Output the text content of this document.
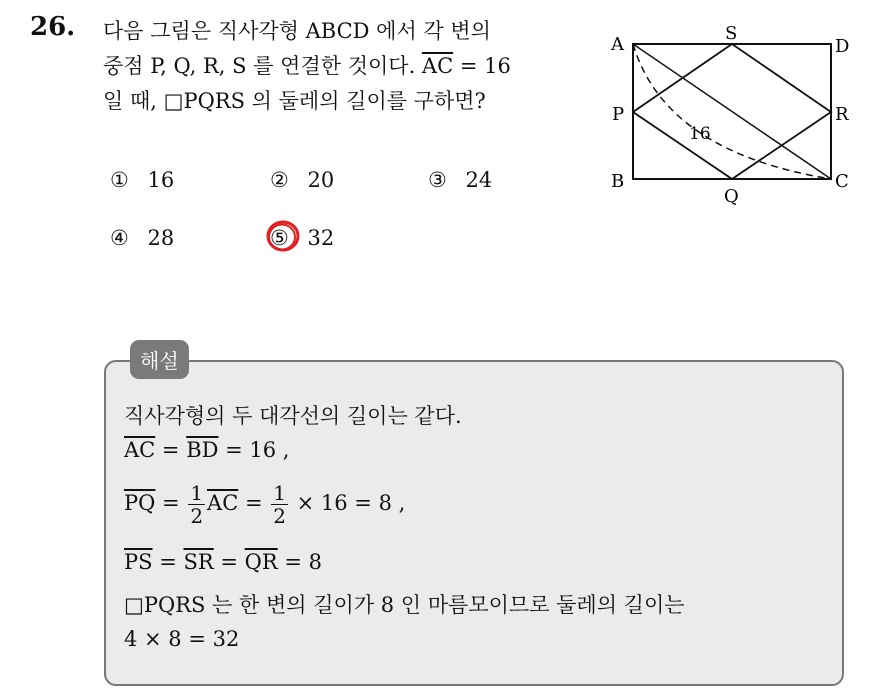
26. 다음 그림은 직사각형 ABCD 에서 각 변의
중점 P, Q, R, S 를 연결한 것이다. $\overline{AC} = 16$
일 때, □PQRS 의 둘레의 길이를 구하면?
① 16	② 20	③ 24
④ 28	⑤ 32
A
B	C
D
P
Q
R
S
16
해설
직사각형의 두 대각선의 길이는 같다.
$\overline{AC} = \overline{BD} = 16$ ,
$\overline{PQ} = \frac{1}{2} \overline{AC} = \frac{1}{2} \times 16 = 8$ ,
$\overline{PS} = \overline{SR} = \overline{QR} = 8$
□PQRS 는 한 변의 길이가 8 인 마름모이므로 둘레의 길이는
4 × 8 = 32
